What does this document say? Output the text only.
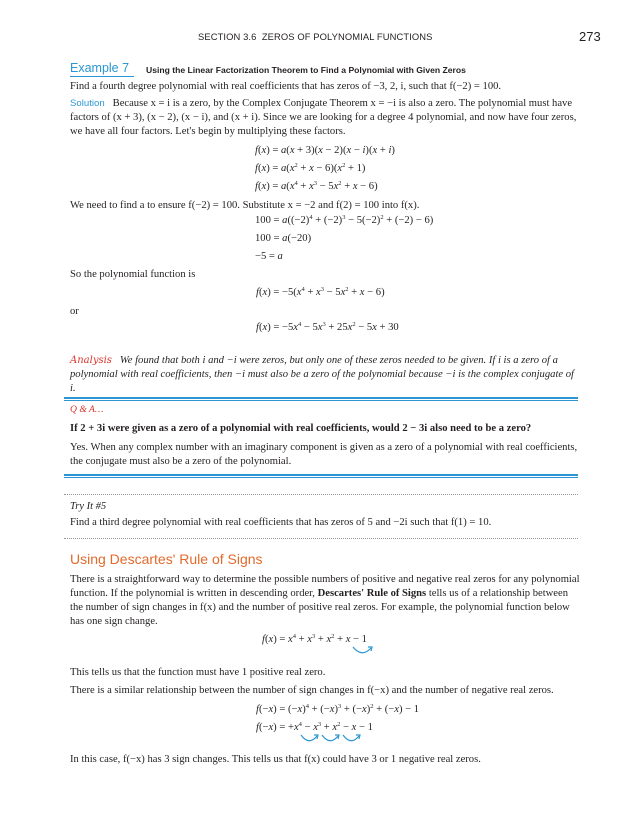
SECTION 3.6 ZEROS OF POLYNOMIAL FUNCTIONS	273
Example 7 Using the Linear Factorization Theorem to Find a Polynomial with Given Zeros
Find a fourth degree polynomial with real coefficients that has zeros of −3, 2, i, such that f(−2) = 100.
Solution Because x = i is a zero, by the Complex Conjugate Theorem x = −i is also a zero. The polynomial must have factors of (x + 3), (x − 2), (x − i), and (x + i). Since we are looking for a degree 4 polynomial, and now have four zeros, we have all four factors. Let's begin by multiplying these factors.
f(x) = a(x + 3)(x − 2)(x − i)(x + i)
$f(x) = a(x^2 + x - 6)(x^2 + 1)$
$f(x) = a(x^4 + x^3 - 5x^2 + x - 6)$
We need to find a to ensure f(−2) = 100. Substitute x = −2 and f(2) = 100 into f(x).
$100 = a((-2)^4 + (-2)^3 - 5(-2)^2 + (-2) - 6)$
100 = a(−20)
−5 = a
So the polynomial function is
$f(x) = -5(x^4 + x^3 - 5x^2 + x - 6)$
or
$f(x) = -5x^4 - 5x^3 + 25x^2 - 5x + 30$
Analysis We found that both i and −i were zeros, but only one of these zeros needed to be given. If i is a zero of a polynomial with real coefficients, then −i must also be a zero of the polynomial because −i is the complex conjugate of i.
Q & A…
If 2 + 3i were given as a zero of a polynomial with real coefficients, would 2 − 3i also need to be a zero?
Yes. When any complex number with an imaginary component is given as a zero of a polynomial with real coefficients, the conjugate must also be a zero of the polynomial.
Try It #5
Find a third degree polynomial with real coefficients that has zeros of 5 and −2i such that f(1) = 10.
Using Descartes' Rule of Signs
There is a straightforward way to determine the possible numbers of positive and negative real zeros for any polynomial function. If the polynomial is written in descending order, Descartes' Rule of Signs tells us of a relationship between the number of sign changes in f(x) and the number of positive real zeros. For example, the polynomial function below has one sign change.
$f(x) = x^4 + x^3 + x^2 + x - 1$
This tells us that the function must have 1 positive real zero.
There is a similar relationship between the number of sign changes in f(−x) and the number of negative real zeros.
$f(-x) = (-x)^4 + (-x)^3 + (-x)^2 + (-x) - 1$
$f(-x) = +x^4 - x^3 + x^2 - x - 1$
In this case, f(−x) has 3 sign changes. This tells us that f(x) could have 3 or 1 negative real zeros.
